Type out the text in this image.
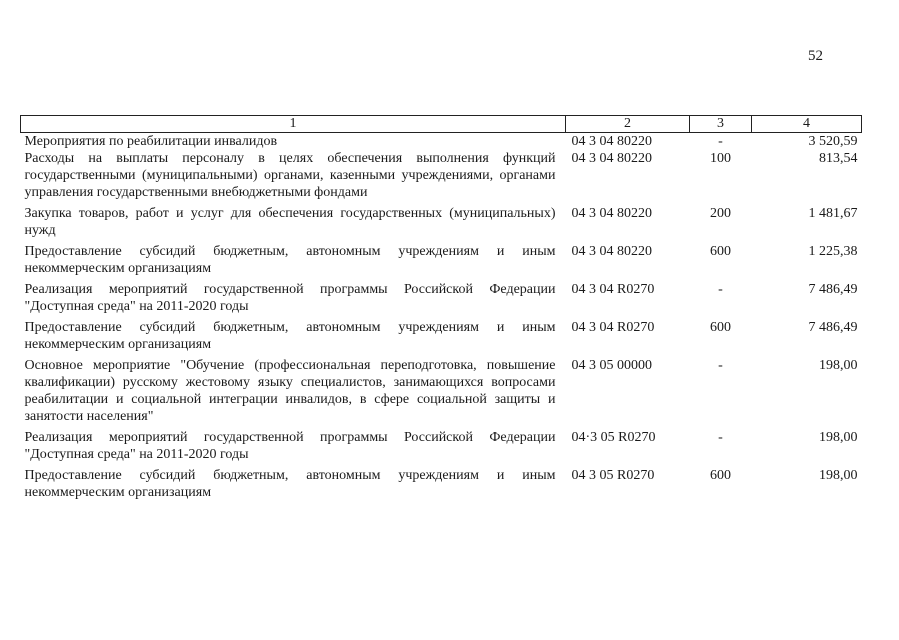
52
1	2	3	4
Мероприятия по реабилитации инвалидов	04 3 04 80220	-	3 520,59
Расходы на выплаты персоналу в целях обеспечения выполнения функций государственными (муниципальными) органами, казенными учреждениями, органами управления государственными внебюджетными фондами	04 3 04 80220	100	813,54
Закупка товаров, работ и услуг для обеспечения государственных (муниципальных) нужд	04 3 04 80220	200	1 481,67
Предоставление субсидий бюджетным, автономным учреждениям и иным некоммерческим организациям	04 3 04 80220	600	1 225,38
Реализация мероприятий государственной программы Российской Федерации "Доступная среда" на 2011-2020 годы	04 3 04 R0270	-	7 486,49
Предоставление субсидий бюджетным, автономным учреждениям и иным некоммерческим организациям	04 3 04 R0270	600	7 486,49
Основное мероприятие "Обучение (профессиональная переподготовка, повышение квалификации) русскому жестовому языку специалистов, занимающихся вопросами реабилитации и социальной интеграции инвалидов, в сфере социальной защиты и занятости населения"	04 3 05 00000	-	198,00
Реализация мероприятий государственной программы Российской Федерации "Доступная среда" на 2011-2020 годы	04·3 05 R0270	-	198,00
Предоставление субсидий бюджетным, автономным учреждениям и иным некоммерческим организациям	04 3 05 R0270	600	198,00
